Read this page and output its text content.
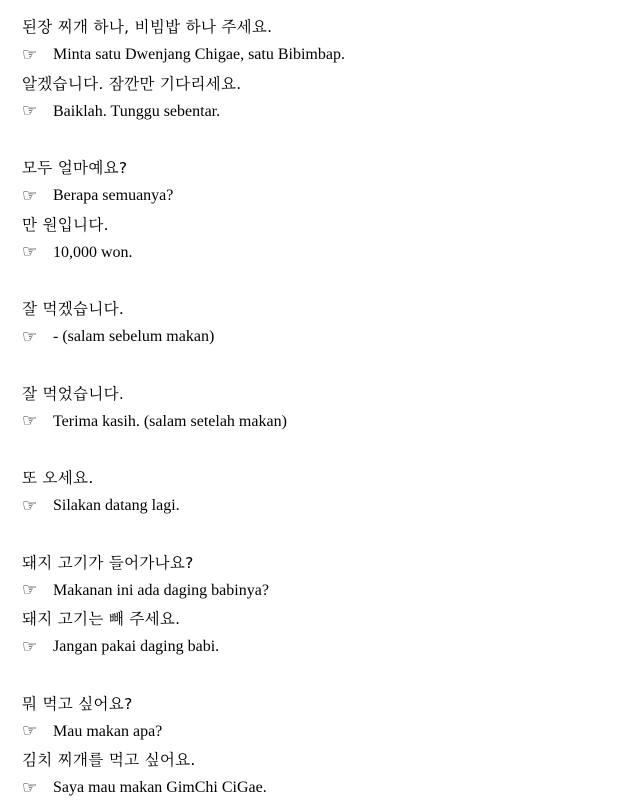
된장 찌개 하나, 비빔밥 하나 주세요.
☞ Minta satu Dwenjang Chigae, satu Bibimbap.
알겠습니다. 잠깐만 기다리세요.
☞ Baiklah. Tunggu sebentar.
모두 얼마예요?
☞ Berapa semuanya?
만 원입니다.
☞ 10,000 won.
잘 먹겠습니다.
☞ - (salam sebelum makan)
잘 먹었습니다.
☞ Terima kasih. (salam setelah makan)
또 오세요.
☞ Silakan datang lagi.
돼지 고기가 들어가나요?
☞ Makanan ini ada daging babinya?
돼지 고기는 빼 주세요.
☞ Jangan pakai daging babi.
뭐 먹고 싶어요?
☞ Mau makan apa?
김치 찌개를 먹고 싶어요.
☞ Saya mau makan GimChi CiGae.
